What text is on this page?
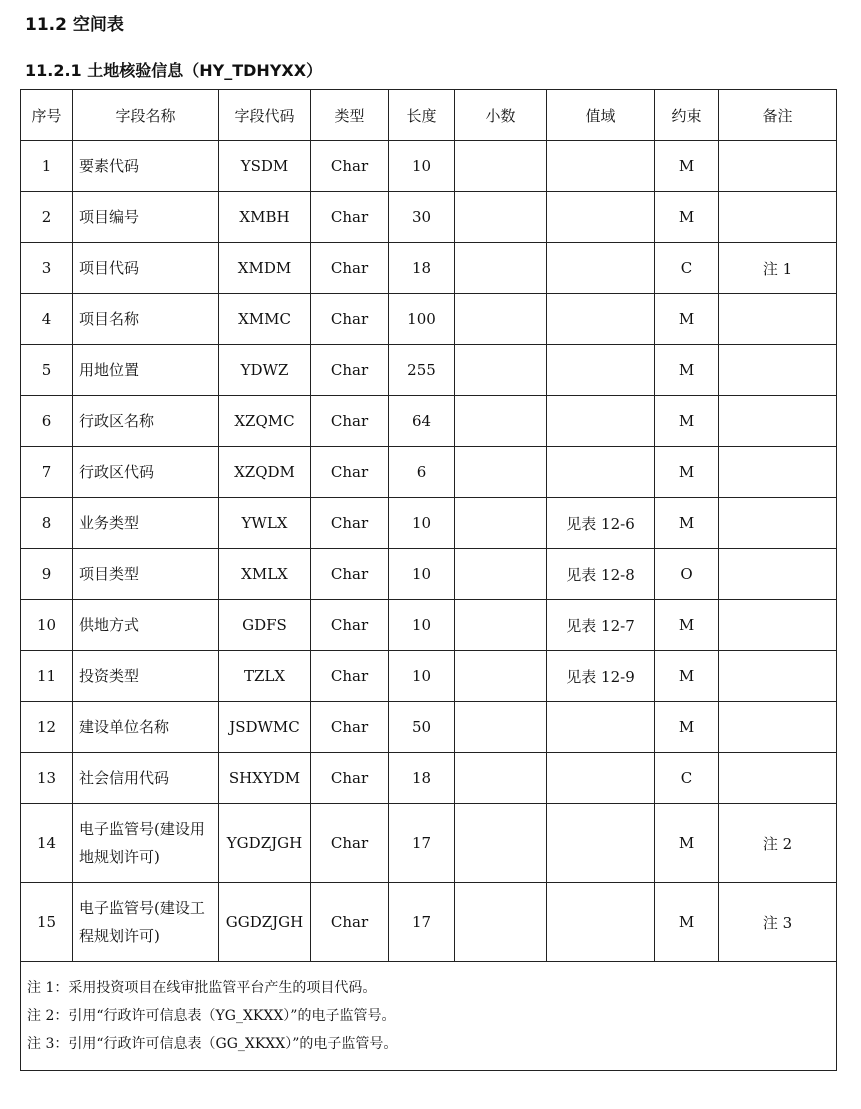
11.2 空间表
11.2.1 土地核验信息（HY_TDHYXX）
序号	字段名称	字段代码	类型	长度	小数	值域	约束	备注
1	要素代码	YSDM	Char	10			M	
2	项目编号	XMBH	Char	30			M	
3	项目代码	XMDM	Char	18			C	注 1
4	项目名称	XMMC	Char	100			M	
5	用地位置	YDWZ	Char	255			M	
6	行政区名称	XZQMC	Char	64			M	
7	行政区代码	XZQDM	Char	6			M	
8	业务类型	YWLX	Char	10		见表 12-6	M	
9	项目类型	XMLX	Char	10		见表 12-8	O	
10	供地方式	GDFS	Char	10		见表 12-7	M	
11	投资类型	TZLX	Char	10		见表 12-9	M	
12	建设单位名称	JSDWMC	Char	50			M	
13	社会信用代码	SHXYDM	Char	18			C	
14	电子监管号(建设用地规划许可)	YGDZJGH	Char	17			M	注 2
15	电子监管号(建设工程规划许可)	GGDZJGH	Char	17			M	注 3

注 1：采用投资项目在线审批监管平台产生的项目代码。
注 2：引用“行政许可信息表（YG_XKXX）”的电子监管号。
注 3：引用“行政许可信息表（GG_XKXX）”的电子监管号。								
